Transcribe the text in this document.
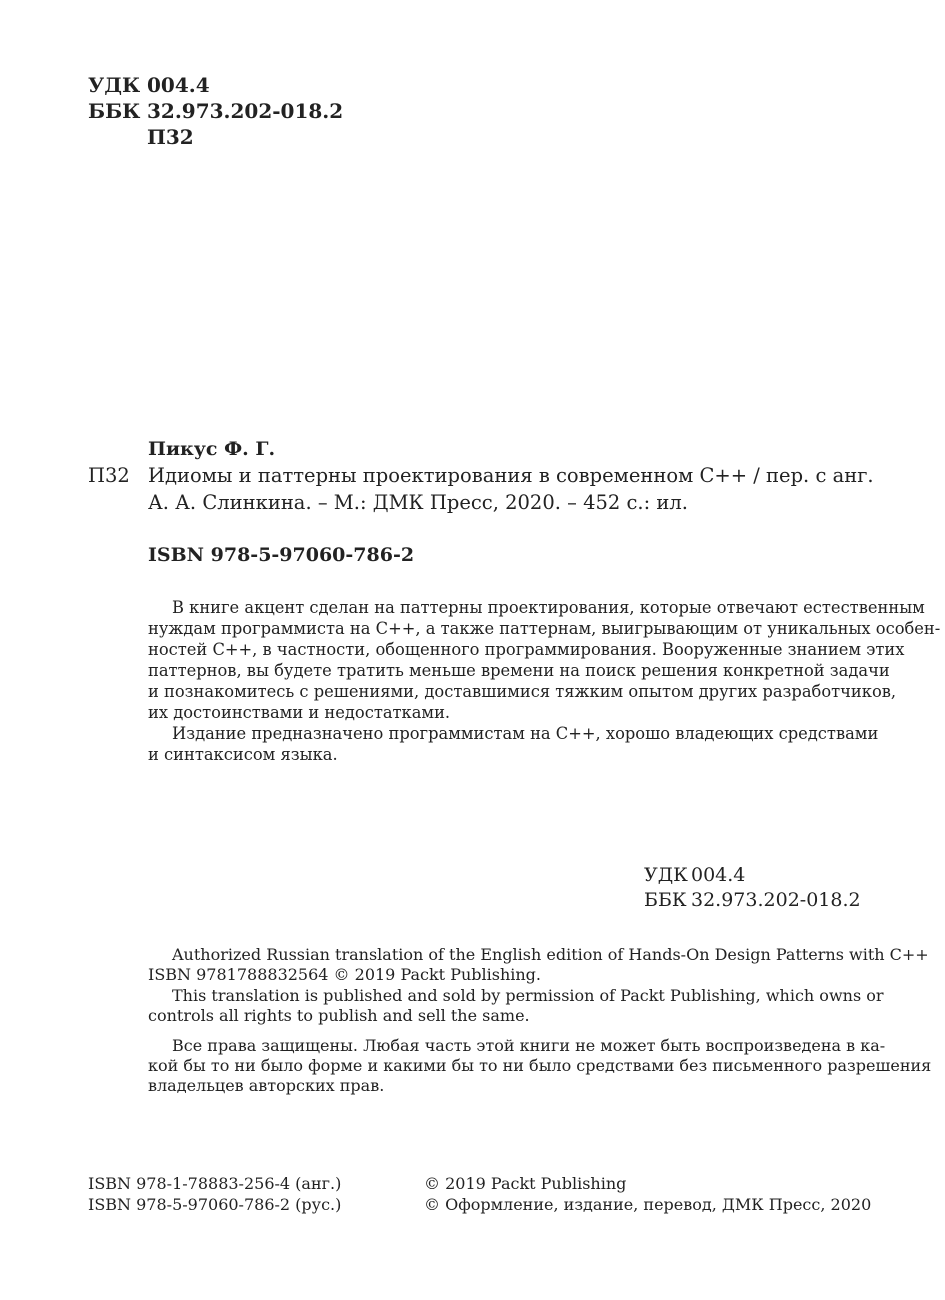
УДК 004.4
ББК 32.973.202-018.2
П32
Пикус Ф. Г.
П32 Идиомы и паттерны проектирования в современном C++ / пер. с анг.
А. А. Слинкина. – М.: ДМК Пресс, 2020. – 452 с.: ил.
ISBN 978-5-97060-786-2
В книге акцент сделан на паттерны проектирования, которые отвечают естественным
нуждам программиста на C++, а также паттернам, выигрывающим от уникальных особен-
ностей C++, в частности, обощенного программирования. Вооруженные знанием этих
паттернов, вы будете тратить меньше времени на поиск решения конкретной задачи
и познакомитесь с решениями, доставшимися тяжким опытом других разработчиков,
их достоинствами и недостатками.
Издание предназначено программистам на C++, хорошо владеющих средствами
и синтаксисом языка.
УДК 004.4
ББК 32.973.202-018.2
Authorized Russian translation of the English edition of Hands-On Design Patterns with C++
ISBN 9781788832564 © 2019 Packt Publishing.
This translation is published and sold by permission of Packt Publishing, which owns or
controls all rights to publish and sell the same.
Все права защищены. Любая часть этой книги не может быть воспроизведена в ка-
кой бы то ни было форме и какими бы то ни было средствами без письменного разрешения
владельцев авторских прав.
ISBN 978-1-78883-256-4 (анг.)
ISBN 978-5-97060-786-2 (рус.)
© 2019 Packt Publishing
© Оформление, издание, перевод, ДМК Пресс, 2020
